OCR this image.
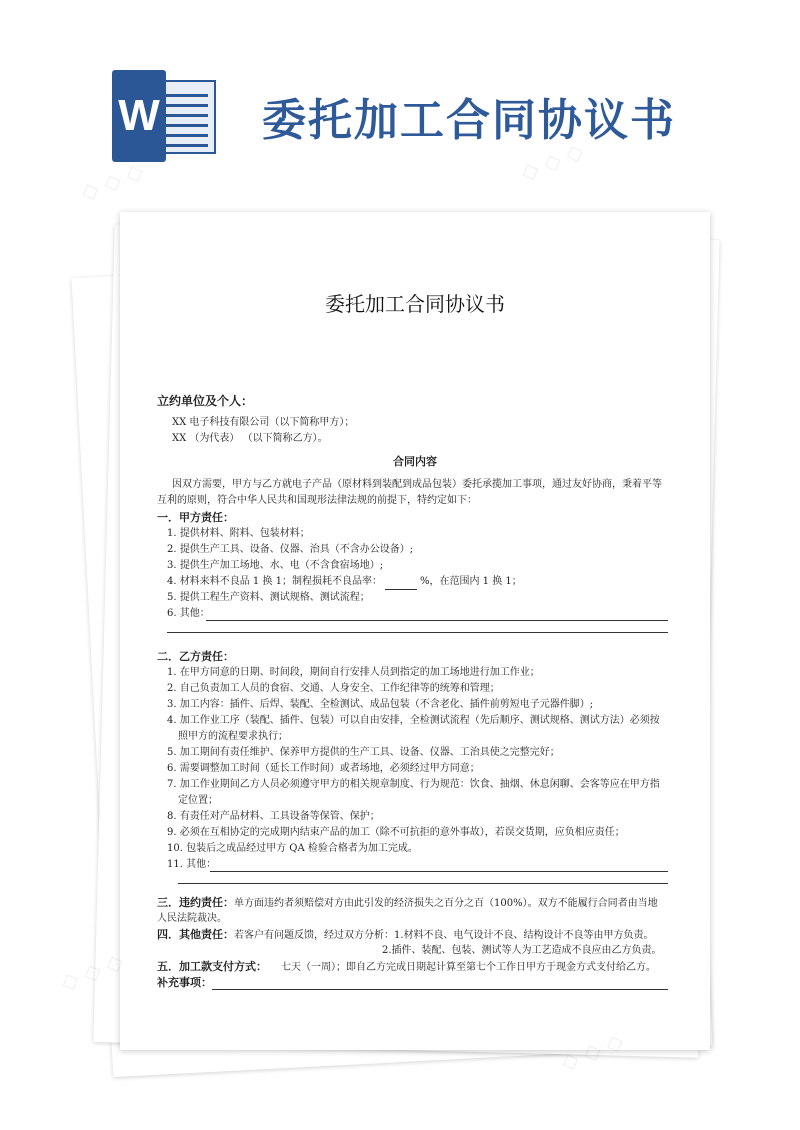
W 委托加工合同协议书
委托加工合同协议书
立约单位及个人：
XX 电子科技有限公司（以下简称甲方）；
XX （为代表） （以下简称乙方）。
合同内容
因双方需要，甲方与乙方就电子产品（原材料到装配到成品包装）委托承揽加工事项，通过友好协商，秉着平等
互利的原则，符合中华人民共和国现形法律法规的前提下，特约定如下：
一．甲方责任：
1. 提供材料、附料、包装材料；
2. 提供生产工具、设备、仪器、治具（不含办公设备）;
3. 提供生产加工场地、水、电（不含食宿场地）;
4. 材料来料不良品 1 换 1；制程损耗不良品率：	%，在范围内 1 换 1；
5. 提供工程生产资料、测试规格、测试流程；
6. 其他：
二．乙方责任：
1. 在甲方同意的日期、时间段，期间自行安排人员到指定的加工场地进行加工作业；
2. 自己负责加工人员的食宿、交通、人身安全、工作纪律等的统筹和管理；
3. 加工内容：插件、后焊、装配、全检测试、成品包装（不含老化、插件前剪短电子元器件脚）;
4. 加工作业工序（装配、插件、包装）可以自由安排，全检测试流程（先后顺序、测试规格、测试方法）必须按
照甲方的流程要求执行；
5. 加工期间有责任维护、保养甲方提供的生产工具、设备、仪器、工治具使之完整完好；
6. 需要调整加工时间（延长工作时间）或者场地，必须经过甲方同意；
7. 加工作业期间乙方人员必须遵守甲方的相关规章制度、行为规范：饮食、抽烟、休息闲聊、会客等应在甲方指
定位置；
8. 有责任对产品材料、工具设备等保管、保护；
9. 必须在互相协定的完成期内结束产品的加工（除不可抗拒的意外事故），若误交货期，应负相应责任；
10. 包装后之成品经过甲方 QA 检验合格者为加工完成。
11. 其他：
三．违约责任：单方面违约者须赔偿对方由此引发的经济损失之百分之百（100%）。双方不能履行合同者由当地
人民法院裁决。
四．其他责任：若客户有问题反馈，经过双方分析：1.材料不良、电气设计不良、结构设计不良等由甲方负责。
2.插件、装配、包装、测试等人为工艺造成不良应由乙方负责。
五．加工款支付方式： 七天（一周）；即自乙方完成日期起计算至第七个工作日甲方于现金方式支付给乙方。
补充事项：
◇ ◇ ◇	◇ ◇ ◇
◇ ◇ ◇
